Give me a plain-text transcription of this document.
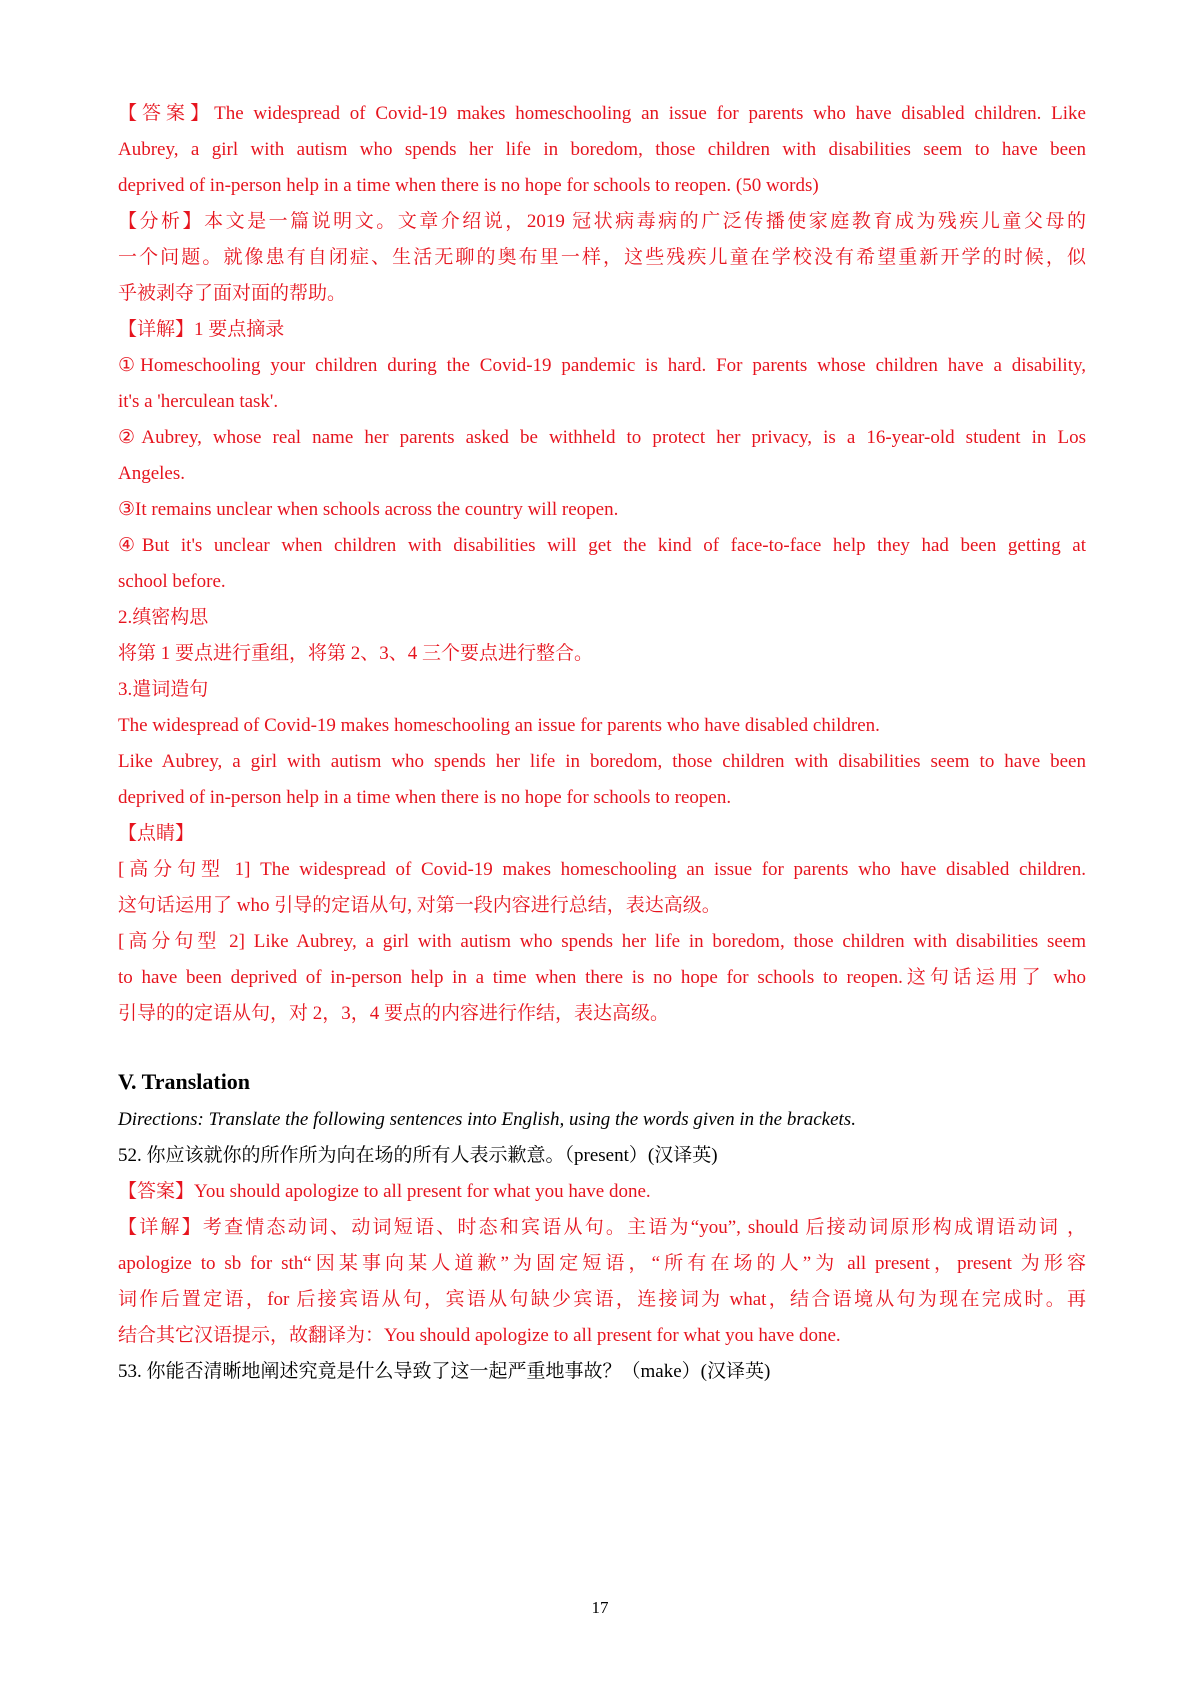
【答案】The widespread of Covid-19 makes homeschooling an issue for parents who have disabled children. Like
Aubrey, a girl with autism who spends her life in boredom, those children with disabilities seem to have been
deprived of in-person help in a time when there is no hope for schools to reopen. (50 words)
【分析】本文是一篇说明文。文章介绍说，2019 冠状病毒病的广泛传播使家庭教育成为残疾儿童父母的
一个问题。就像患有自闭症、生活无聊的奥布里一样，这些残疾儿童在学校没有希望重新开学的时候，似
乎被剥夺了面对面的帮助。
【详解】1 要点摘录
①Homeschooling your children during the Covid-19 pandemic is hard. For parents whose children have a disability,
it's a 'herculean task'.
②Aubrey, whose real name her parents asked be withheld to protect her privacy, is a 16-year-old student in Los
Angeles.
③It remains unclear when schools across the country will reopen.
④But it's unclear when children with disabilities will get the kind of face-to-face help they had been getting at
school before.
2.缜密构思
将第 1 要点进行重组，将第 2、3、4 三个要点进行整合。
3.遣词造句
The widespread of Covid-19 makes homeschooling an issue for parents who have disabled children.
Like Aubrey, a girl with autism who spends her life in boredom, those children with disabilities seem to have been
deprived of in-person help in a time when there is no hope for schools to reopen.
【点睛】
[高分句型 1] The widespread of Covid-19 makes homeschooling an issue for parents who have disabled children.
这句话运用了 who 引导的定语从句, 对第一段内容进行总结，表达高级。
[高分句型 2] Like Aubrey, a girl with autism who spends her life in boredom, those children with disabilities seem
to have been deprived of in-person help in a time when there is no hope for schools to reopen.这句话运用了 who
引导的的定语从句，对 2，3，4 要点的内容进行作结，表达高级。
V. Translation
Directions: Translate the following sentences into English, using the words given in the brackets.
52. 你应该就你的所作所为向在场的所有人表示歉意。（present）(汉译英)
【答案】You should apologize to all present for what you have done.
【详解】考查情态动词、动词短语、时态和宾语从句。主语为“you”, should 后接动词原形构成谓语动词 ，
apologize to sb for sth“因某事向某人道歉”为固定短语，“所有在场的人”为 all present，present 为形容
词作后置定语，for 后接宾语从句，宾语从句缺少宾语，连接词为 what，结合语境从句为现在完成时。再
结合其它汉语提示，故翻译为：You should apologize to all present for what you have done.
53. 你能否清晰地阐述究竟是什么导致了这一起严重地事故？（make）(汉译英)
17
